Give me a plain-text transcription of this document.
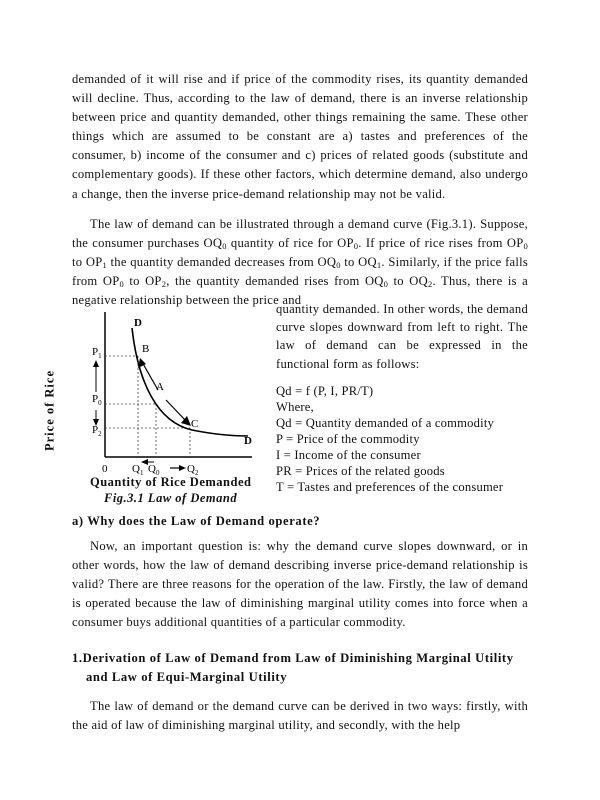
demanded of it will rise and if price of the commodity rises, its quantity demanded will decline. Thus, according to the law of demand, there is an inverse relationship between price and quantity demanded, other things remaining the same. These other things which are assumed to be constant are a) tastes and preferences of the consumer, b) income of the consumer and c) prices of related goods (substitute and complementary goods). If these other factors, which determine demand, also undergo a change, then the inverse price-demand relationship may not be valid.

The law of demand can be illustrated through a demand curve (Fig.3.1). Suppose, the consumer purchases $OQ_0$ quantity of rice for $OP_0$. If price of rice rises from $OP_0$ to $OP_1$ the quantity demanded decreases from $OQ_0$ to $OQ_1$. Similarly, if the price falls from $OP_0$ to $OP_2$, the quantity demanded rises from $OQ_0$ to $OQ_2$. Thus, there is a negative relationship between the price and

quantity demanded. In other words, the demand curve slopes downward from left to right. The law of demand can be expressed in the functional form as follows:

Qd = f (P, I, PR/T)
Where,
Qd = Quantity demanded of a commodity
P = Price of the commodity
I = Income of the consumer
PR = Prices of the related goods
T = Tastes and preferences of the consumer
D
D
B
A
C
$P_1$
$P_0$
$P_2$
0 $Q_1$ $Q_0$	$Q_2$
Price of Rice
Quantity of Rice Demanded
Fig.3.1 Law of Demand
a) Why does the Law of Demand operate?

Now, an important question is: why the demand curve slopes downward, or in other words, how the law of demand describing inverse price-demand relationship is valid? There are three reasons for the operation of the law. Firstly, the law of demand is operated because the law of diminishing marginal utility comes into force when a consumer buys additional quantities of a particular commodity.

1.Derivation of Law of Demand from Law of Diminishing Marginal Utility
and Law of Equi-Marginal Utility

The law of demand or the demand curve can be derived in two ways: firstly, with the aid of law of diminishing marginal utility, and secondly, with the help
